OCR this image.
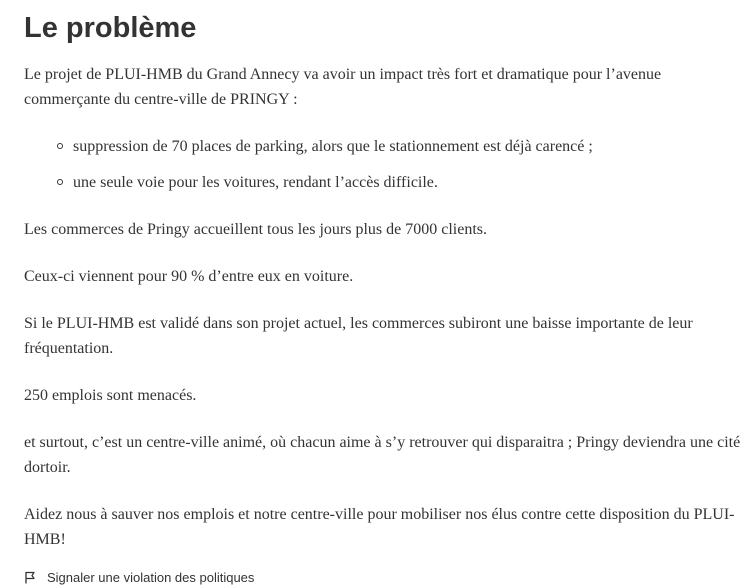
Le problème

Le projet de PLUI-HMB du Grand Annecy va avoir un impact très fort et dramatique pour l’avenue commerçante du centre-ville de PRINGY :

suppression de 70 places de parking, alors que le stationnement est déjà carencé ;
une seule voie pour les voitures, rendant l’accès difficile.

Les commerces de Pringy accueillent tous les jours plus de 7000 clients.

Ceux-ci viennent pour 90 % d’entre eux en voiture.

Si le PLUI-HMB est validé dans son projet actuel, les commerces subiront une baisse importante de leur fréquentation.

250 emplois sont menacés.

et surtout, c’est un centre-ville animé, où chacun aime à s’y retrouver qui disparaitra ; Pringy deviendra une cité dortoir.

Aidez nous à sauver nos emplois et notre centre-ville pour mobiliser nos élus contre cette disposition du PLUI-HMB!

Signaler une violation des politiques
